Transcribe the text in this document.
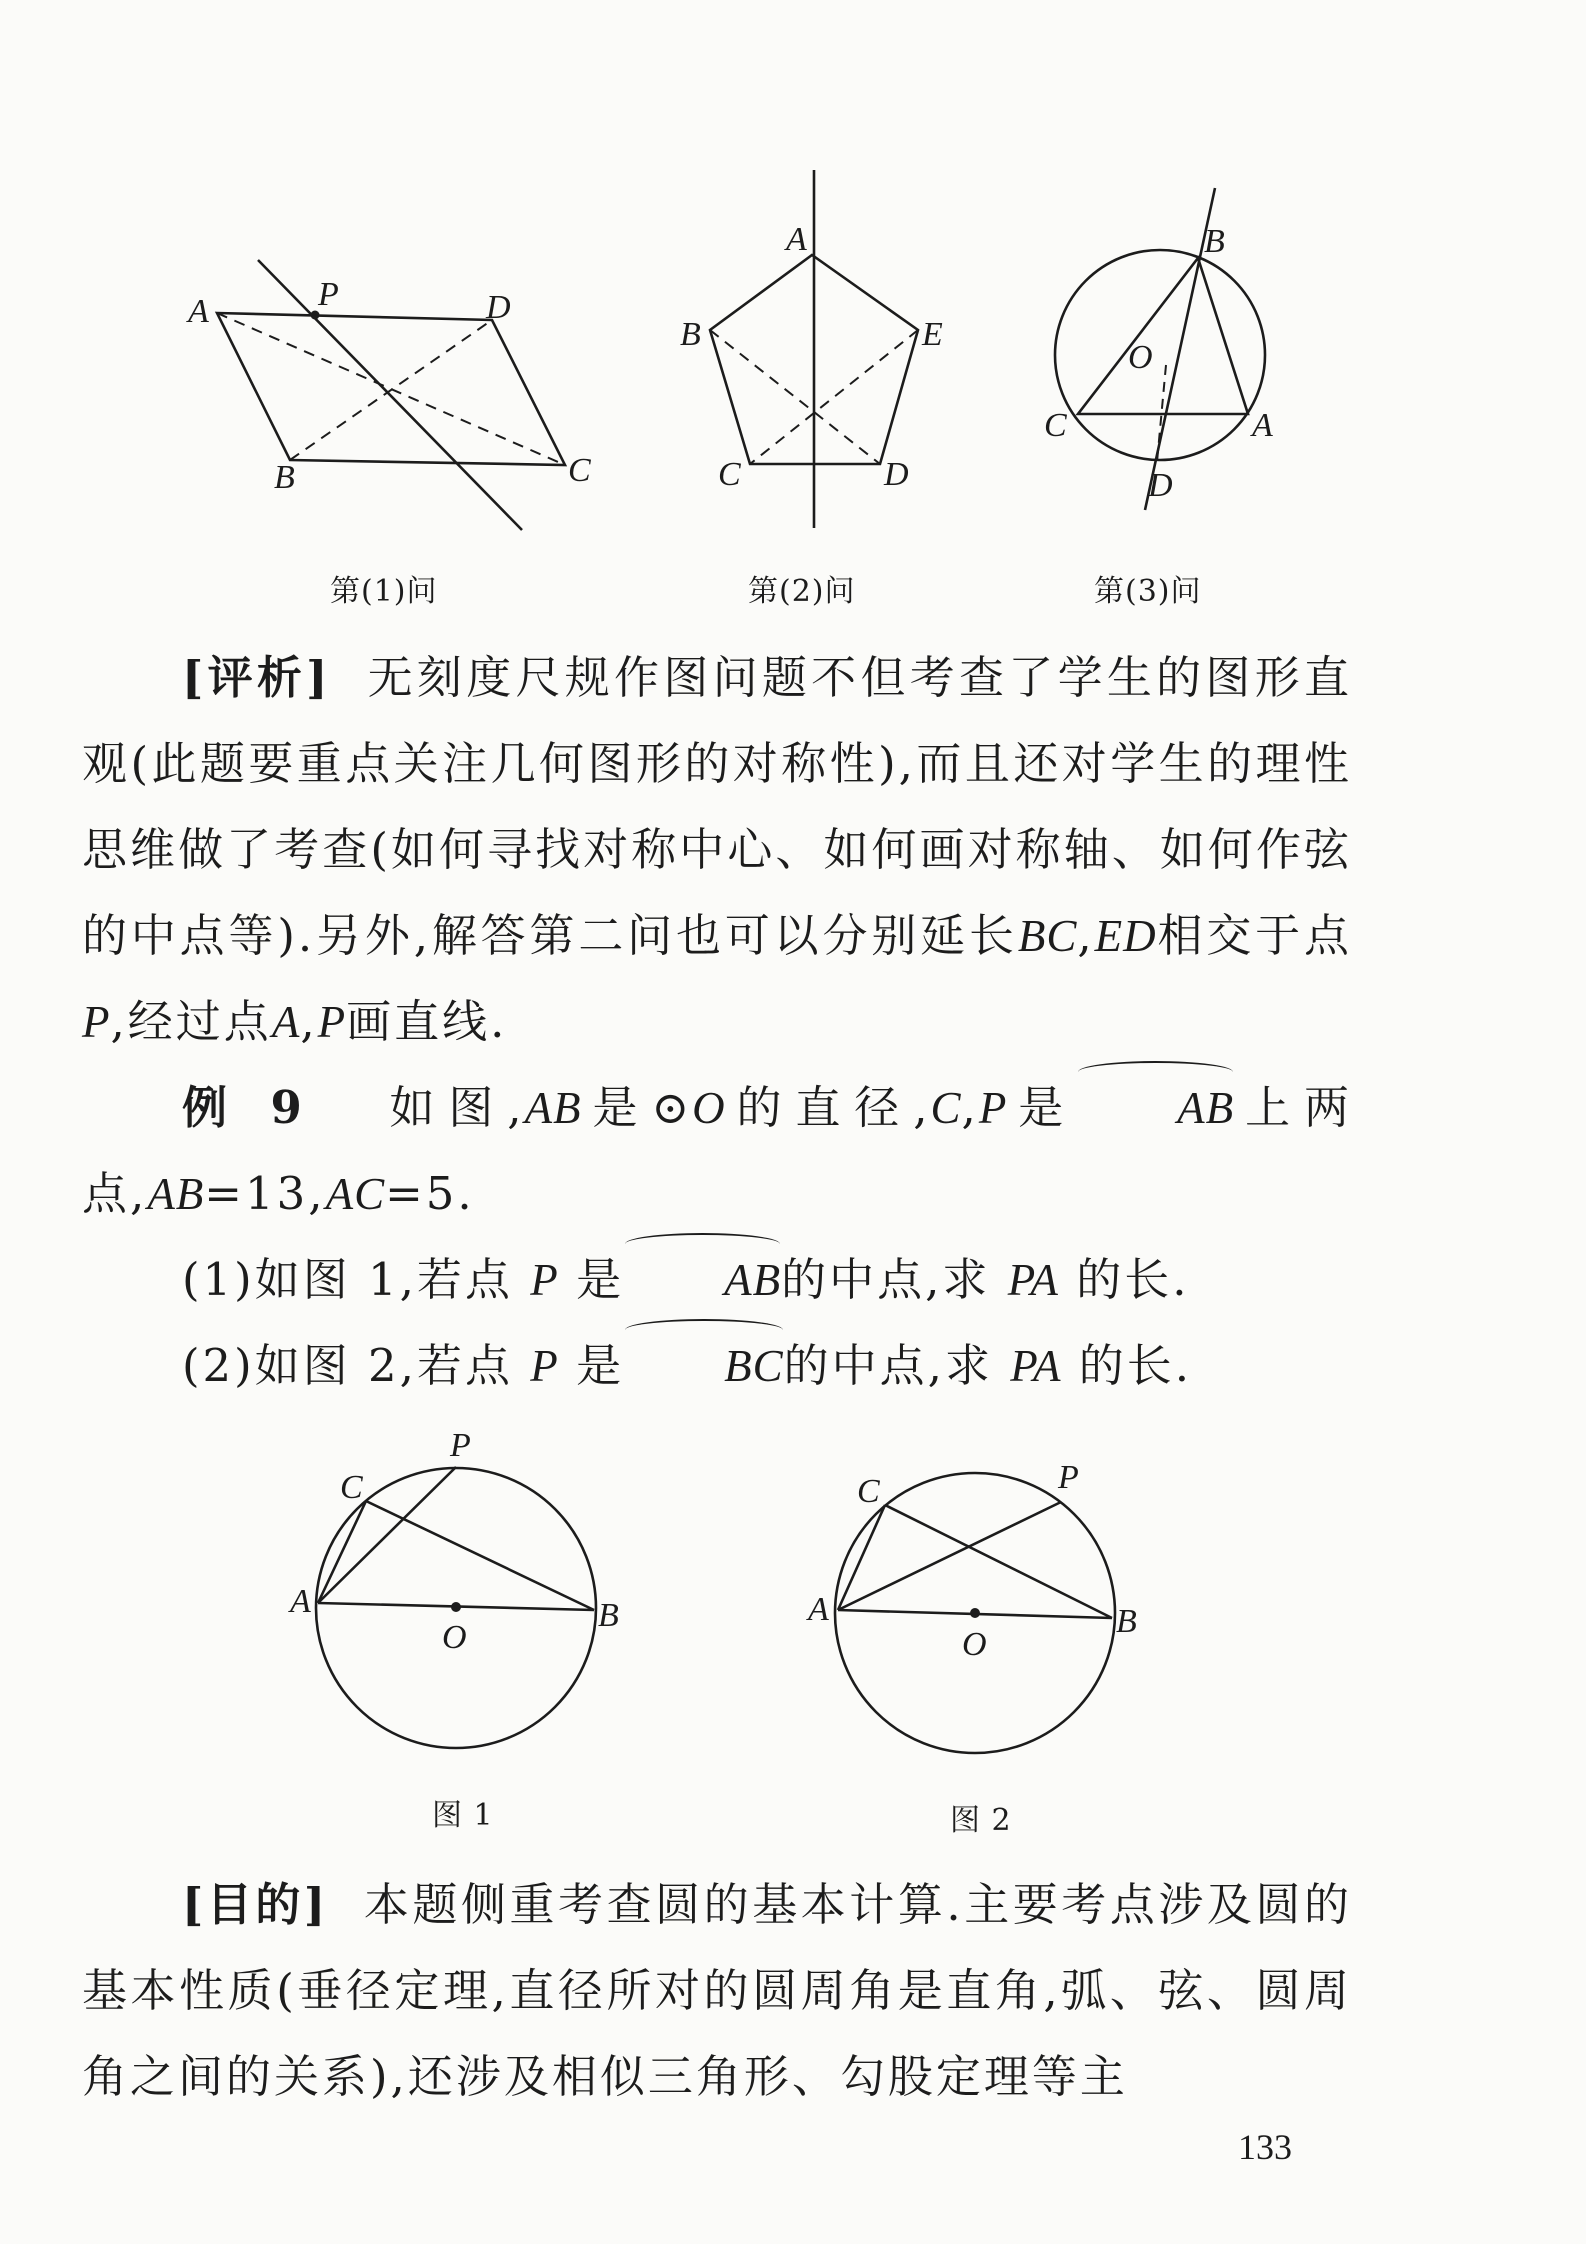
A	P	D
B	C
第(1)问
A
B	E
C	D
第(2)问
B
O
C	A
D
第(3)问
[评析] 无刻度尺规作图问题不但考查了学生的图形直观(此题要重点关注几何图形的对称性),而且还对学生的理性思维做了考查(如何寻找对称中心、如何画对称轴、如何作弦的中点等).另外,解答第二问也可以分别延长BC,ED相交于点P,经过点A,P画直线.
例 9 如图,AB是⊙O的直径,C,P是 AB上两点,AB=13,AC=5.
(1)如图 1,若点 P 是 AB的中点,求 PA 的长.
(2)如图 2,若点 P 是 BC的中点,求 PA 的长.
C
P
A
O
B
图 1
C	P
A
O
B
图 2
[目的] 本题侧重考查圆的基本计算.主要考点涉及圆的基本性质(垂径定理,直径所对的圆周角是直角,弧、弦、圆周角之间的关系),还涉及相似三角形、勾股定理等主
133
